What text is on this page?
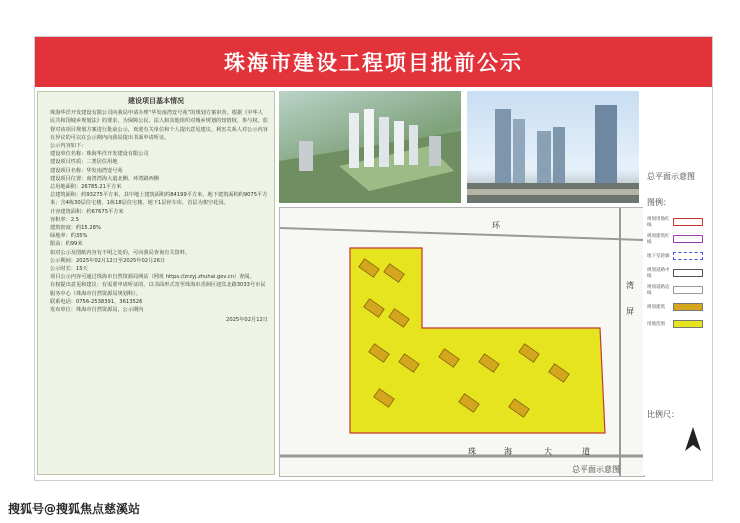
珠海市建设工程项目批前公示
建设项目基本情况

珠海华洋开发建设有限公司向我局申请办理“华发南湾壹号苑”的规划方案审查。根据《中华人民共和国城乡规划法》的要求，为保障公民、法人和其他组织对城乡规划的知情权、参与权、监督对该项目规划方案进行批前公示，欢迎有关单位和个人提出意见建议。利害关系人对公示内容有异议的可以在公示期内向我局提出书面申请听证。

公示内容如下：

建设单位名称：珠海华洋开发建设有限公司

建设项目性质：二类居住用地

建设项目名称：华发南湾壹号苑

建设项目位置：南湾湾海大道北侧、环湾路西侧

总用地面积：26785.21平方米

总建筑面积：约93275平方米，其中地上建筑面积约84199平方米，地下建筑面积约9075平方米；含4栋30层住宅楼，1栋18层住宅楼，地下1层停车库，首层为架空花园。

计容建筑面积：约67675平方米

容积率：2.5

建筑密度：约15.28%

绿地率：约35%

限高：约99米

如对公示及图纸内容有不明之处的，可向我局查询有关资料。

公示期间：2025年02月12日至2025年02月26日

公示时长：15天

项目公示内容可通过珠海市自然资源局网站（网址 https://zrzyj.zhuhai.gov.cn）查阅。

有权提出意见和建议：有需要申请听证的，以书面形式寄至珠海市香洲区迎宾北路3033号市民服务中心（珠海市自然资源局规划科）。

联系电话：0756-2538391，3613526

发布单位：珠海市自然资源局，公示期内

2025年02月12日

环
湾
屏
珠	海	大	道
总平面示意图
总平面示意图
图例：
规划用地红线
规划建筑红线
地下室轮廓
规划道路中线
规划道路边线
规划建筑
用地范围
比例尺：
搜狐号@搜狐焦点慈溪站
